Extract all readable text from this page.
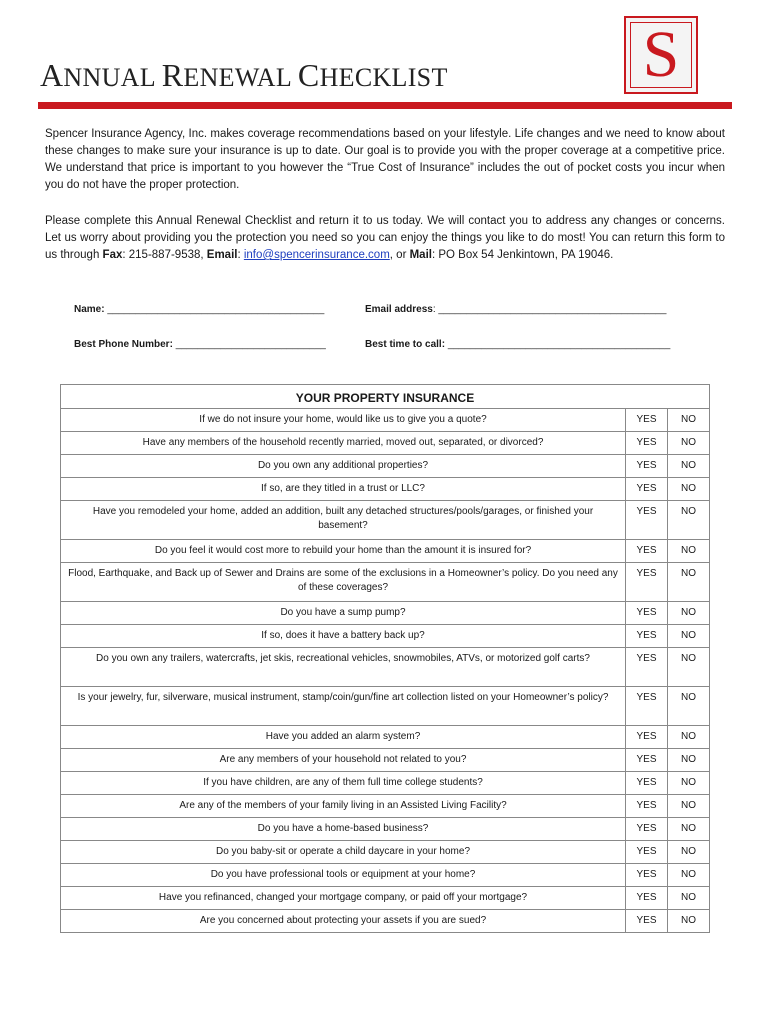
S
ANNUAL RENEWAL CHECKLIST

Spencer Insurance Agency, Inc. makes coverage recommendations based on your lifestyle. Life changes and we need to know about these changes to make sure your insurance is up to date. Our goal is to provide you with the proper coverage at a competitive price. We understand that price is important to you however the “True Cost of Insurance” includes the out of pocket costs you incur when you do not have the proper protection.

Please complete this Annual Renewal Checklist and return it to us today. We will contact you to address any changes or concerns. Let us worry about providing you the protection you need so you can enjoy the things you like to do most! You can return this form to us through Fax: 215-887-9538, Email: info@spencerinsurance.com, or Mail: PO Box 54 Jenkintown, PA 19046.

Name: _______________________________________	Email address: _________________________________________
Best Phone Number: ___________________________	Best time to call: ________________________________________
YOUR PROPERTY INSURANCE		
If we do not insure your home, would like us to give you a quote?	YES	NO
Have any members of the household recently married, moved out, separated, or divorced?	YES	NO
Do you own any additional properties?	YES	NO
If so, are they titled in a trust or LLC?	YES	NO
Have you remodeled your home, added an addition, built any detached structures/pools/garages, or finished your basement?	YES	NO
Do you feel it would cost more to rebuild your home than the amount it is insured for?	YES	NO
Flood, Earthquake, and Back up of Sewer and Drains are some of the exclusions in a Homeowner’s policy. Do you need any of these coverages?	YES	NO
Do you have a sump pump?	YES	NO
If so, does it have a battery back up?	YES	NO
Do you own any trailers, watercrafts, jet skis, recreational vehicles, snowmobiles, ATVs, or motorized golf carts?	YES	NO
Is your jewelry, fur, silverware, musical instrument, stamp/coin/gun/fine art collection listed on your Homeowner’s policy?	YES	NO
Have you added an alarm system?	YES	NO
Are any members of your household not related to you?	YES	NO
If you have children, are any of them full time college students?	YES	NO
Are any of the members of your family living in an Assisted Living Facility?	YES	NO
Do you have a home-based business?	YES	NO
Do you baby-sit or operate a child daycare in your home?	YES	NO
Do you have professional tools or equipment at your home?	YES	NO
Have you refinanced, changed your mortgage company, or paid off your mortgage?	YES	NO
Are you concerned about protecting your assets if you are sued?	YES	NO
